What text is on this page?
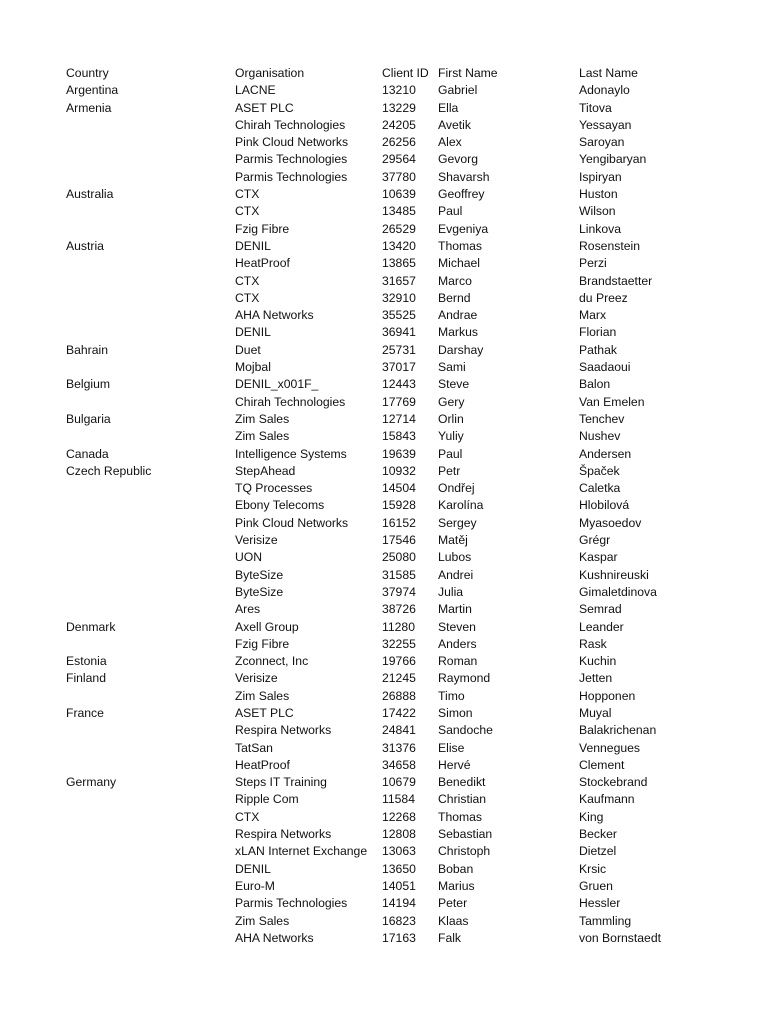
Country	Organisation	Client ID	First Name	Last Name
Argentina	LACNE	13210	Gabriel	Adonaylo
Armenia	ASET PLC	13229	Ella	Titova
	Chirah Technologies	24205	Avetik	Yessayan
	Pink Cloud Networks	26256	Alex	Saroyan
	Parmis Technologies	29564	Gevorg	Yengibaryan
	Parmis Technologies	37780	Shavarsh	Ispiryan
Australia	CTX	10639	Geoffrey	Huston
	CTX	13485	Paul	Wilson
	Fzig Fibre	26529	Evgeniya	Linkova
Austria	DENIL	13420	Thomas	Rosenstein
	HeatProof	13865	Michael	Perzi
	CTX	31657	Marco	Brandstaetter
	CTX	32910	Bernd	du Preez
	AHA Networks	35525	Andrae	Marx
	DENIL	36941	Markus	Florian
Bahrain	Duet	25731	Darshay	Pathak
	Mojbal	37017	Sami	Saadaoui
Belgium	DENIL_x001F_	12443	Steve	Balon
	Chirah Technologies	17769	Gery	Van Emelen
Bulgaria	Zim Sales	12714	Orlin	Tenchev
	Zim Sales	15843	Yuliy	Nushev
Canada	Intelligence Systems	19639	Paul	Andersen
Czech Republic	StepAhead	10932	Petr	Špaček
	TQ Processes	14504	Ondřej	Caletka
	Ebony Telecoms	15928	Karolína	Hlobilová
	Pink Cloud Networks	16152	Sergey	Myasoedov
	Verisize	17546	Matěj	Grégr
	UON	25080	Lubos	Kaspar
	ByteSize	31585	Andrei	Kushnireuski
	ByteSize	37974	Julia	Gimaletdinova
	Ares	38726	Martin	Semrad
Denmark	Axell Group	11280	Steven	Leander
	Fzig Fibre	32255	Anders	Rask
Estonia	Zconnect, Inc	19766	Roman	Kuchin
Finland	Verisize	21245	Raymond	Jetten
	Zim Sales	26888	Timo	Hopponen
France	ASET PLC	17422	Simon	Muyal
	Respira Networks	24841	Sandoche	Balakrichenan
	TatSan	31376	Elise	Vennegues
	HeatProof	34658	Hervé	Clement
Germany	Steps IT Training	10679	Benedikt	Stockebrand
	Ripple Com	11584	Christian	Kaufmann
	CTX	12268	Thomas	King
	Respira Networks	12808	Sebastian	Becker
	xLAN Internet Exchange	13063	Christoph	Dietzel
	DENIL	13650	Boban	Krsic
	Euro-M	14051	Marius	Gruen
	Parmis Technologies	14194	Peter	Hessler
	Zim Sales	16823	Klaas	Tammling
	AHA Networks	17163	Falk	von Bornstaedt
